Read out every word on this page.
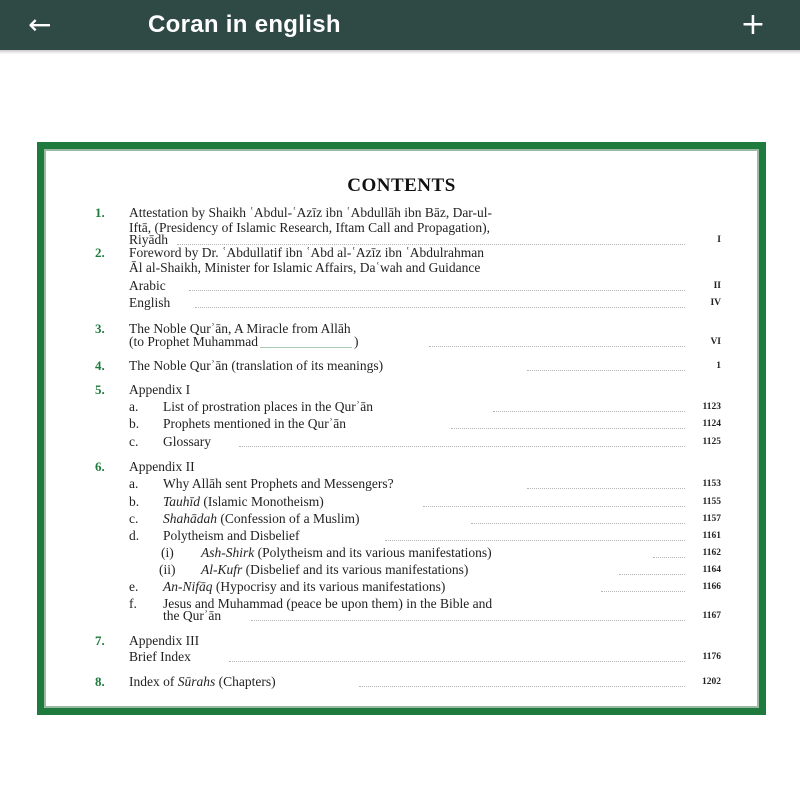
←	Coran in english	+
CONTENTS
1. Attestation by Shaikh ʿAbdul-ʿAzīz ibn ʿAbdullāh ibn Bāz, Dar-ul-
Iftā, (Presidency of Islamic Research, Iftam Call and Propagation),
Riyādh	I
2. Foreword by Dr. ʿAbdullatif ibn ʿAbd al-ʿAzīz ibn ʿAbdulrahman
Āl al-Shaikh, Minister for Islamic Affairs, Daʿwah and Guidance
Arabic	II
English	IV
3. The Noble Qurʾān, A Miracle from Allāh
(to Prophet Muhammad	)	VI
4. The Noble Qurʾān (translation of its meanings)	1
5. Appendix I
a. List of prostration places in the Qurʾān	1123
b. Prophets mentioned in the Qurʾān	1124
c. Glossary	1125
6. Appendix II
a. Why Allāh sent Prophets and Messengers?	1153
b. Tauhīd (Islamic Monotheism)	1155
c. Shahādah (Confession of a Muslim)	1157
d. Polytheism and Disbelief	1161
(i) Ash-Shirk (Polytheism and its various manifestations)	1162
(ii) Al-Kufr (Disbelief and its various manifestations)	1164
e. An-Nifāq (Hypocrisy and its various manifestations)	1166
f. Jesus and Muhammad (peace be upon them) in the Bible and
the Qurʾān	1167
7. Appendix III
Brief Index	1176
8. Index of Sūrahs (Chapters)	1202
